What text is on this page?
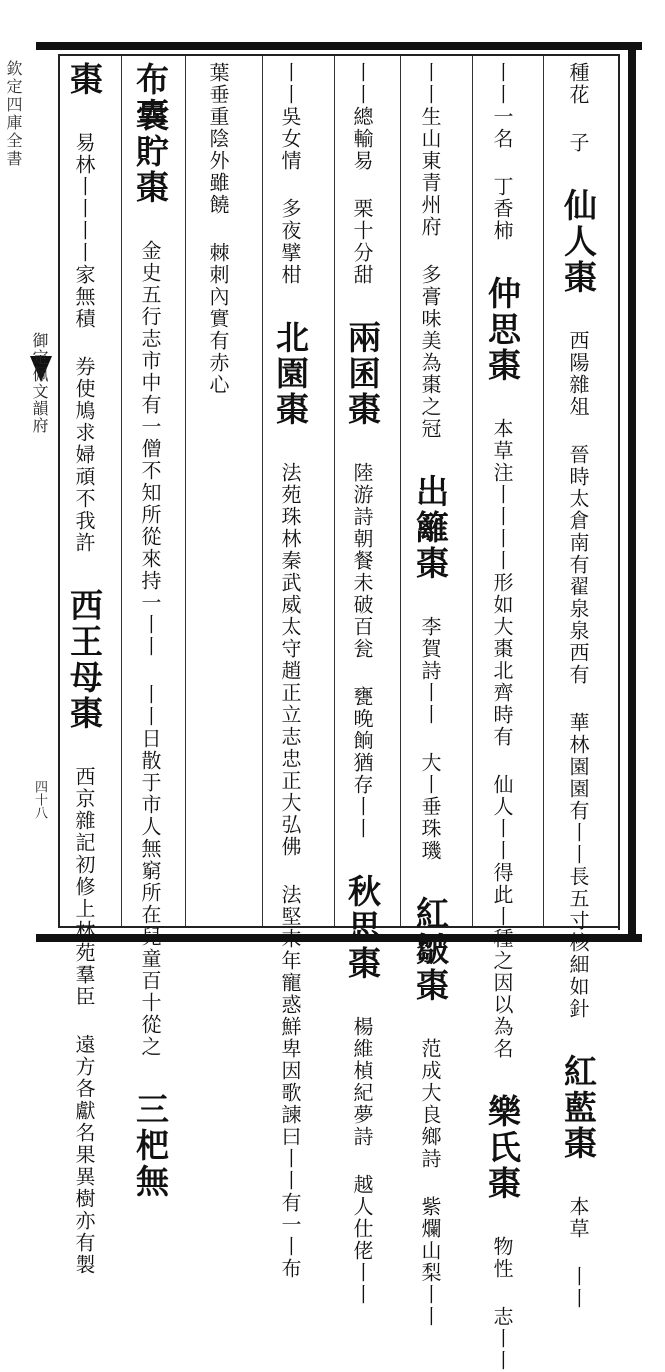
欽定四庫全書
御定佩文韻府
四十八
種花 子 仙人棗 西陽雜俎 晉時太倉南有翟泉泉西有 華林園園有丨丨長五寸核細如針 紅藍棗 本草 丨丨
丨丨一名 丁香柿 仲思棗 本草注丨丨丨丨形如大棗北齊時有 仙人丨丨得此丨種之因以為名 樂氏棗 物性 志丨丨
丨丨生山東青州府 多膏味美為棗之冠 出籬棗 李賀詩丨丨 大丨垂珠璣 紅皺棗 范成大良鄉詩 紫爛山梨丨丨
丨丨總輸易 栗十分甜 兩囷棗 陸游詩朝餐未破百瓮 甕晚餉猶存丨丨 秋思棗 楊維楨紀夢詩 越人仕佬丨丨
丨丨吳女情 多夜擘柑 北園棗 法苑珠林秦武威太守趙正立志忠正大弘佛 法堅末年寵惑鮮卑因歌諫曰丨丨有一丨布
葉垂重陰外雖饒 棘刺內實有赤心
布囊貯棗 金史五行志市中有一僧不知所從來持一丨丨 丨丨日散于市人無窮所在兒童百十從之 三杷無
棗 易林丨丨丨丨家無積 券使鳩求婦頑不我許 西王母棗 西京雜記初修上林苑羣臣 遠方各獻名果異樹亦有製
